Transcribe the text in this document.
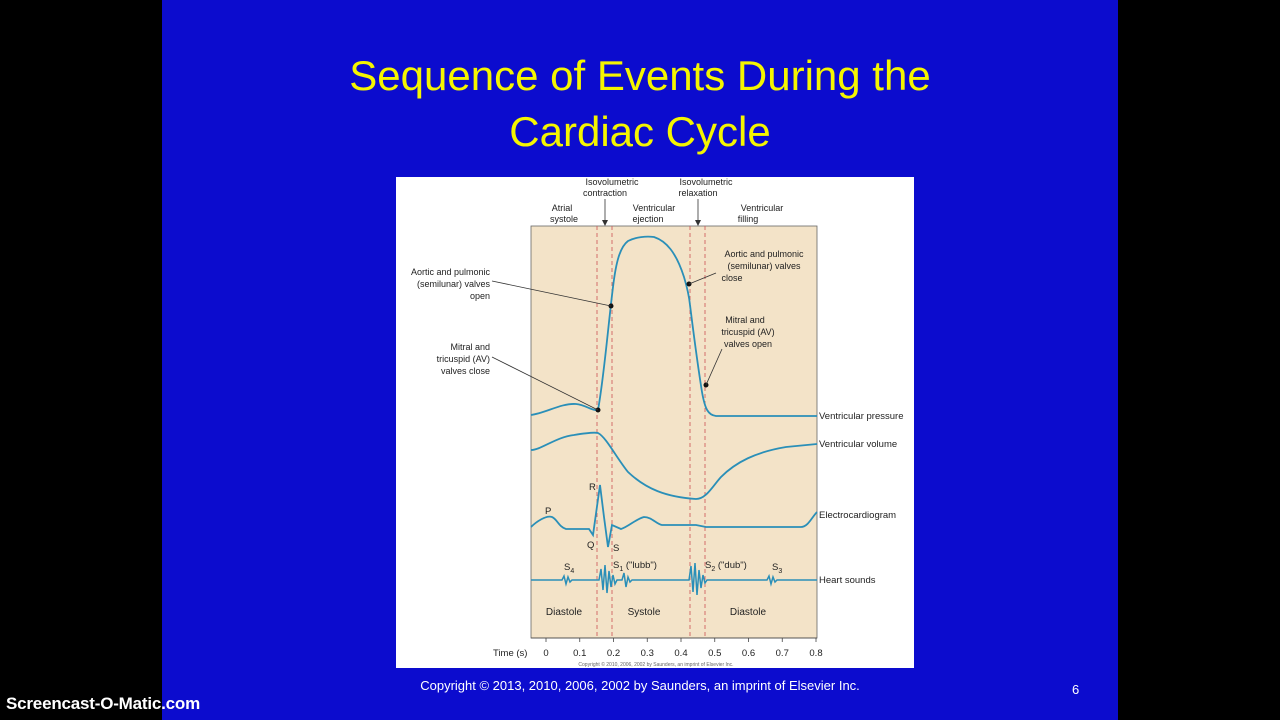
Sequence of Events During the
Cardiac Cycle
Isovolumetric
contraction
Isovolumetric
relaxation
Atrial
systole
Ventricular
ejection
Ventricular
filling
Aortic and pulmonic
(semilunar) valves
open
Mitral and
tricuspid (AV)
valves close
Aortic and pulmonic
(semilunar) valves
close
Mitral and
tricuspid (AV)
valves open
Ventricular pressure
Ventricular volume
Electrocardiogram
Heart sounds
P
R
Q S
$S_4$
$S_1$ ("lubb")	$S_2$ ("dub")	$S_3$
Diastole	Systole	Diastole
0	0.1 0.2 0.3 0.4 0.5 0.6 0.7 0.8
Time (s)
Copyright © 2010, 2006, 2002 by Saunders, an imprint of Elsevier Inc.
Copyright © 2013, 2010, 2006, 2002 by Saunders, an imprint of Elsevier Inc.	6
Screencast-O-Matic.com
